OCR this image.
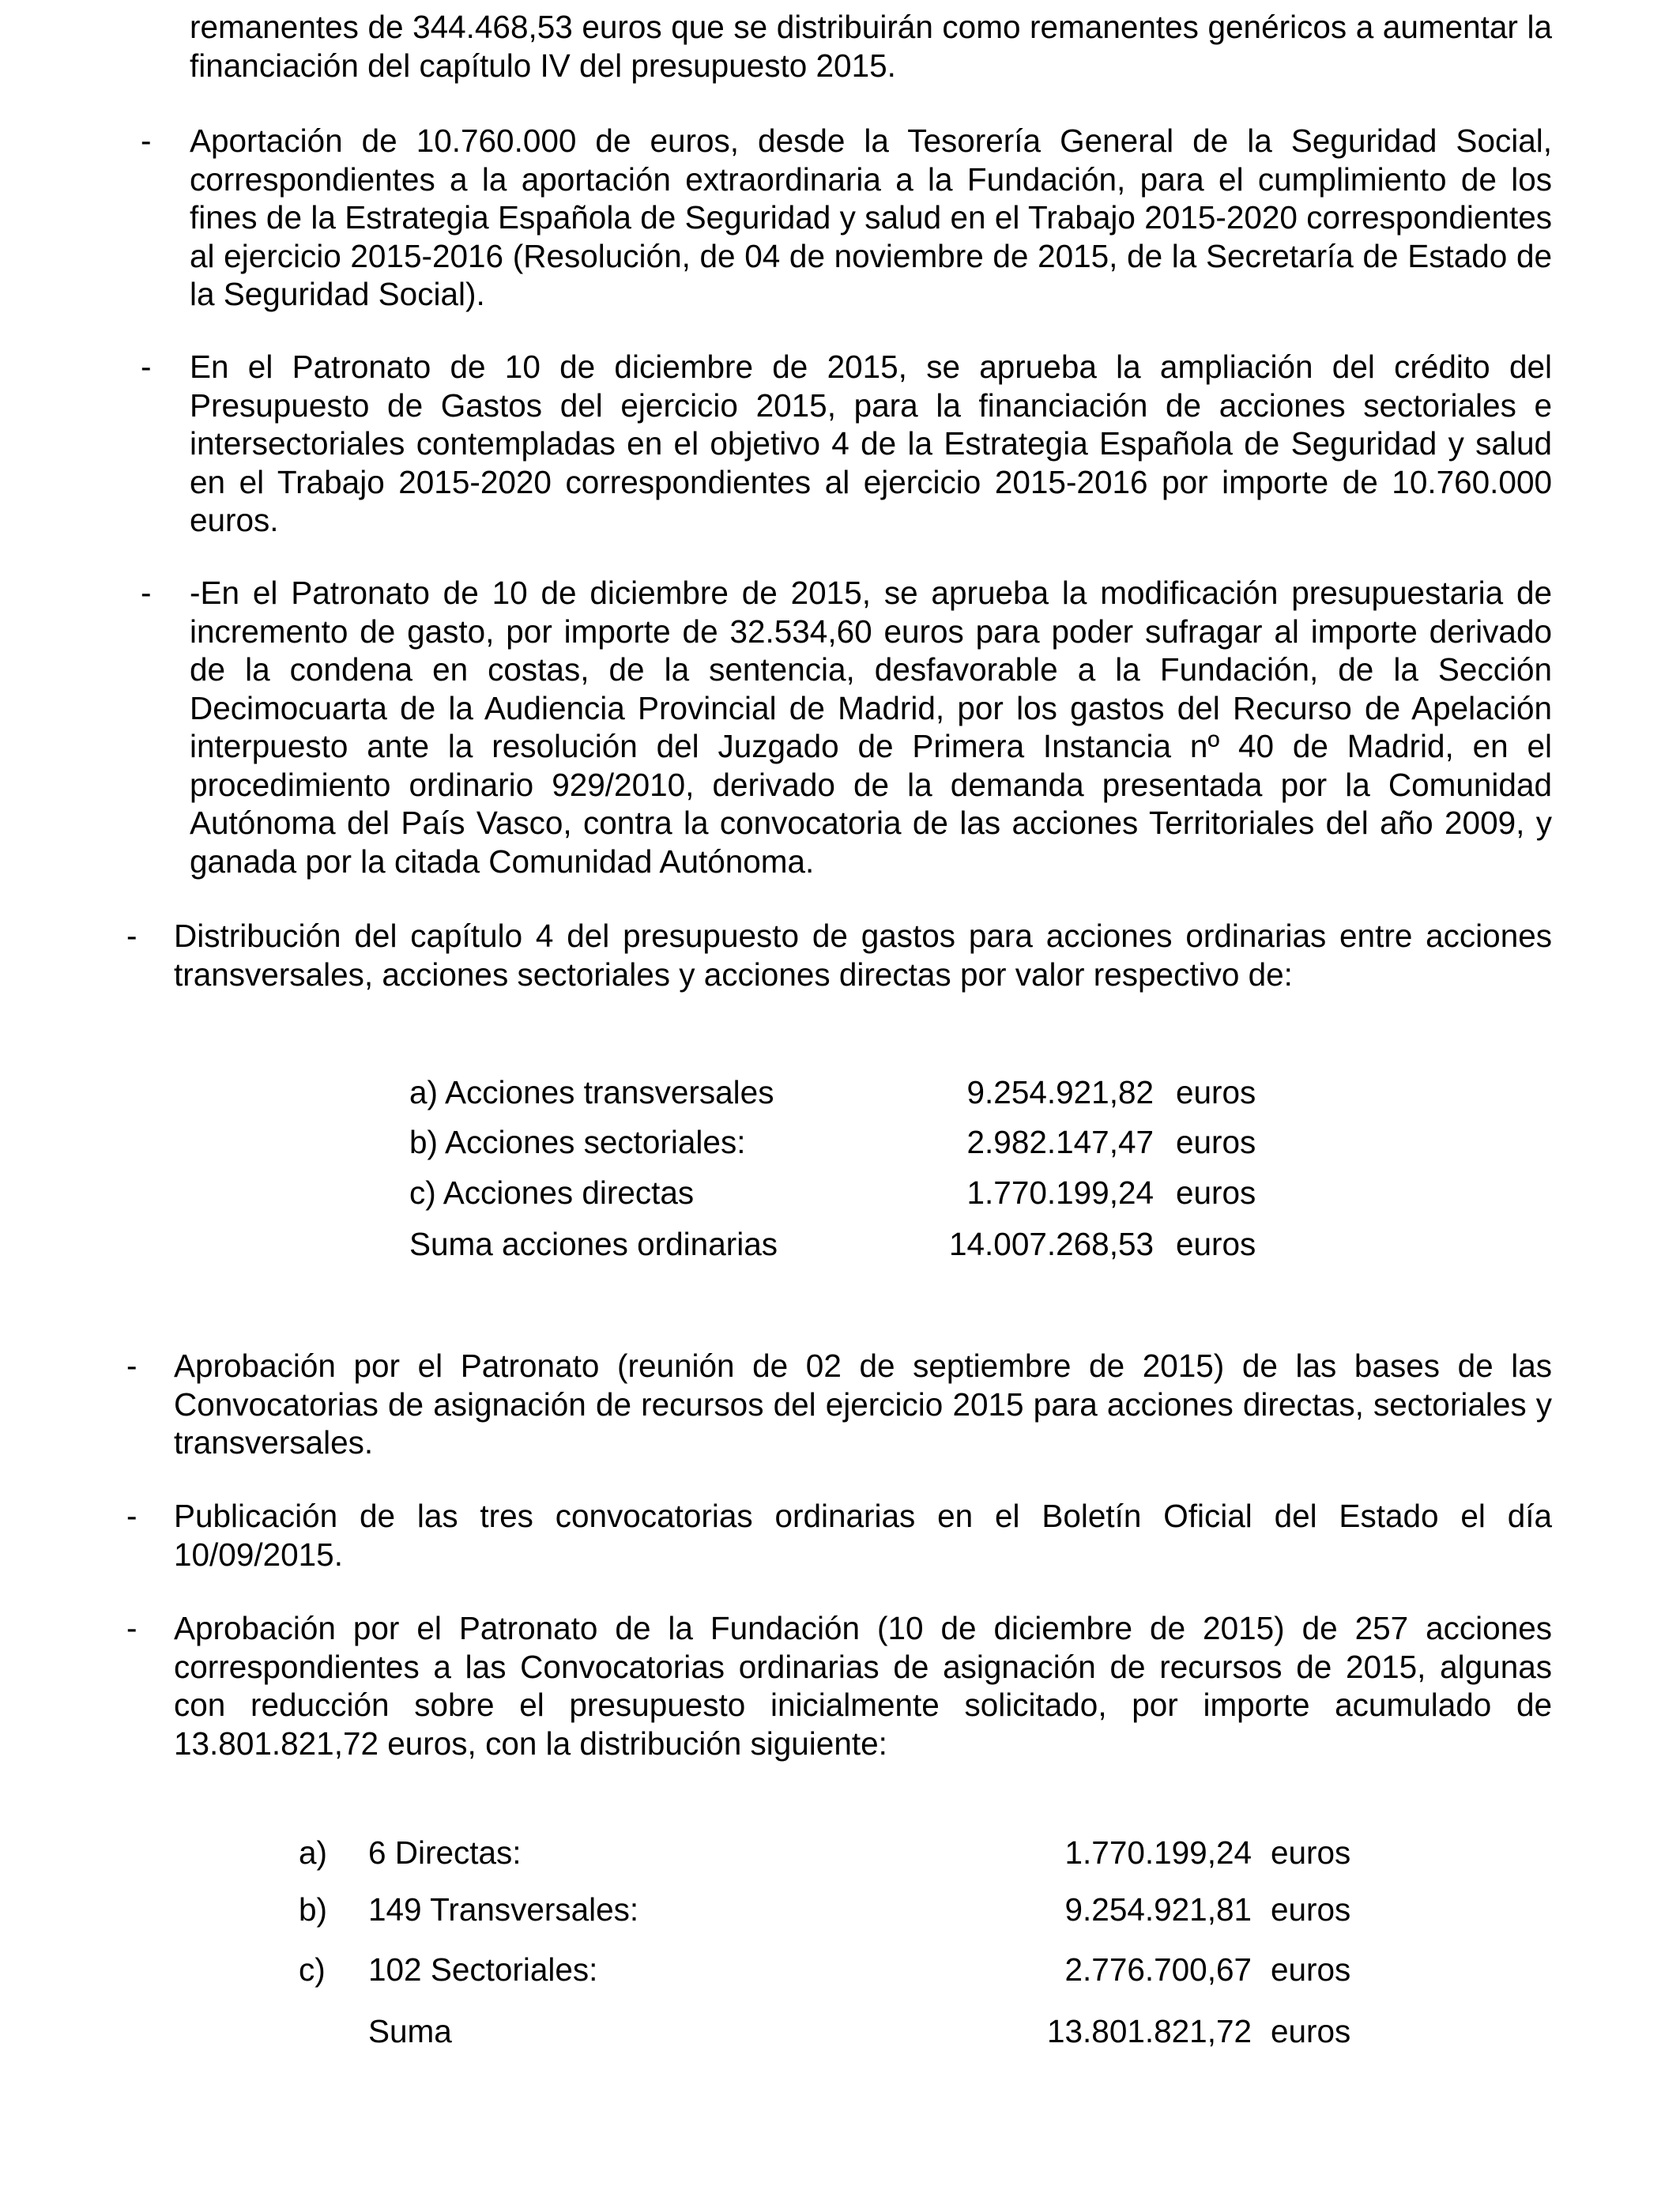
remanentes de 344.468,53 euros que se distribuirán como remanentes genéricos a aumentar la financiación del capítulo IV del presupuesto 2015.

- Aportación de 10.760.000 de euros, desde la Tesorería General de la Seguridad Social, correspondientes a la aportación extraordinaria a la Fundación, para el cumplimiento de los fines de la Estrategia Española de Seguridad y salud en el Trabajo 2015-2020 correspondientes al ejercicio 2015-2016 (Resolución, de 04 de noviembre de 2015, de la Secretaría de Estado de la Seguridad Social).

- En el Patronato de 10 de diciembre de 2015, se aprueba la ampliación del crédito del Presupuesto de Gastos del ejercicio 2015, para la financiación de acciones sectoriales e intersectoriales contempladas en el objetivo 4 de la Estrategia Española de Seguridad y salud en el Trabajo 2015-2020 correspondientes al ejercicio 2015-2016 por importe de 10.760.000 euros.

- -En el Patronato de 10 de diciembre de 2015, se aprueba la modificación presupuestaria de incremento de gasto, por importe de 32.534,60 euros para poder sufragar al importe derivado de la condena en costas, de la sentencia, desfavorable a la Fundación, de la Sección Decimocuarta de la Audiencia Provincial de Madrid, por los gastos del Recurso de Apelación interpuesto ante la resolución del Juzgado de Primera Instancia nº 40 de Madrid, en el procedimiento ordinario 929/2010, derivado de la demanda presentada por la Comunidad Autónoma del País Vasco, contra la convocatoria de las acciones Territoriales del año 2009, y ganada por la citada Comunidad Autónoma.

- Distribución del capítulo 4 del presupuesto de gastos para acciones ordinarias entre acciones transversales, acciones sectoriales y acciones directas por valor respectivo de:

a) Acciones transversales	9.254.921,82 euros
b) Acciones sectoriales:	2.982.147,47 euros
c) Acciones directas	1.770.199,24 euros
Suma acciones ordinarias	14.007.268,53 euros
- Aprobación por el Patronato (reunión de 02 de septiembre de 2015) de las bases de las Convocatorias de asignación de recursos del ejercicio 2015 para acciones directas, sectoriales y transversales.

- Publicación de las tres convocatorias ordinarias en el Boletín Oficial del Estado el día 10/09/2015.

- Aprobación por el Patronato de la Fundación (10 de diciembre de 2015) de 257 acciones correspondientes a las Convocatorias ordinarias de asignación de recursos de 2015, algunas con reducción sobre el presupuesto inicialmente solicitado, por importe acumulado de 13.801.821,72 euros, con la distribución siguiente:

a) 6 Directas:	1.770.199,24 euros
b) 149 Transversales:	9.254.921,81 euros
c) 102 Sectoriales:	2.776.700,67 euros
Suma	13.801.821,72 euros
